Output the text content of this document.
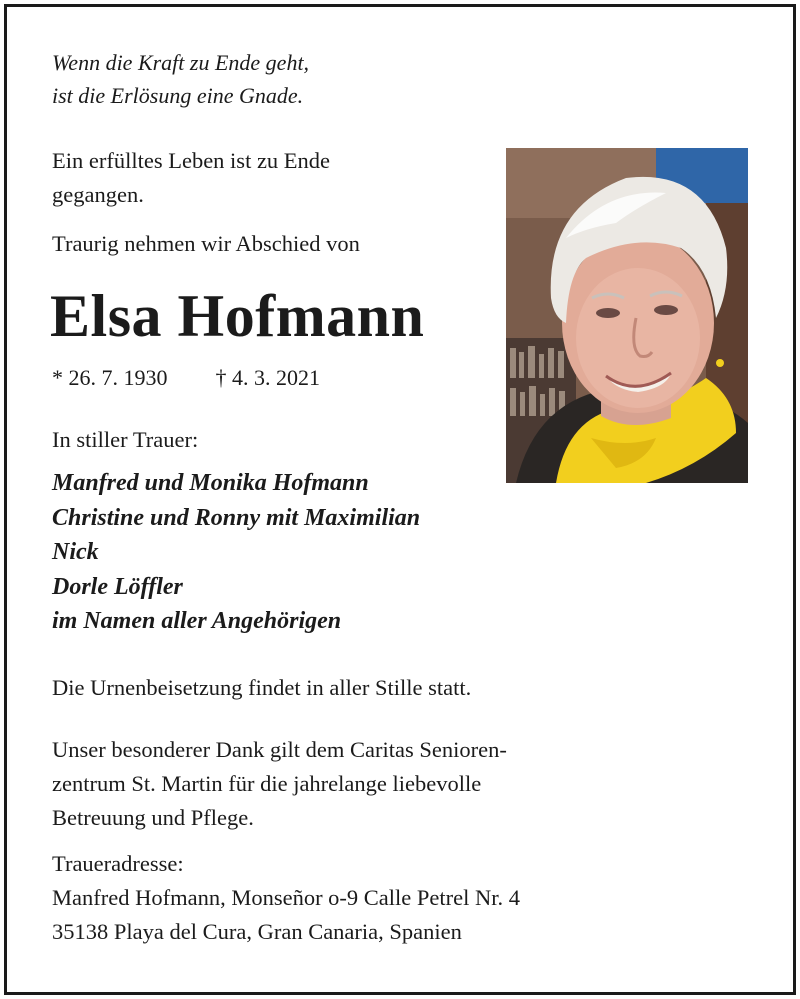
Wenn die Kraft zu Ende geht,
ist die Erlösung eine Gnade.
Ein erfülltes Leben ist zu Ende
gegangen.
Traurig nehmen wir Abschied von
Elsa Hofmann
* 26. 7. 1930 † 4. 3. 2021
In stiller Trauer:
Manfred und Monika Hofmann
Christine und Ronny mit Maximilian
Nick
Dorle Löffler
im Namen aller Angehörigen
Die Urnenbeisetzung findet in aller Stille statt.
Unser besonderer Dank gilt dem Caritas Senioren-
zentrum St. Martin für die jahrelange liebevolle
Betreuung und Pflege.
Traueradresse:
Manfred Hofmann, Monseñor o-9 Calle Petrel Nr. 4
35138 Playa del Cura, Gran Canaria, Spanien
